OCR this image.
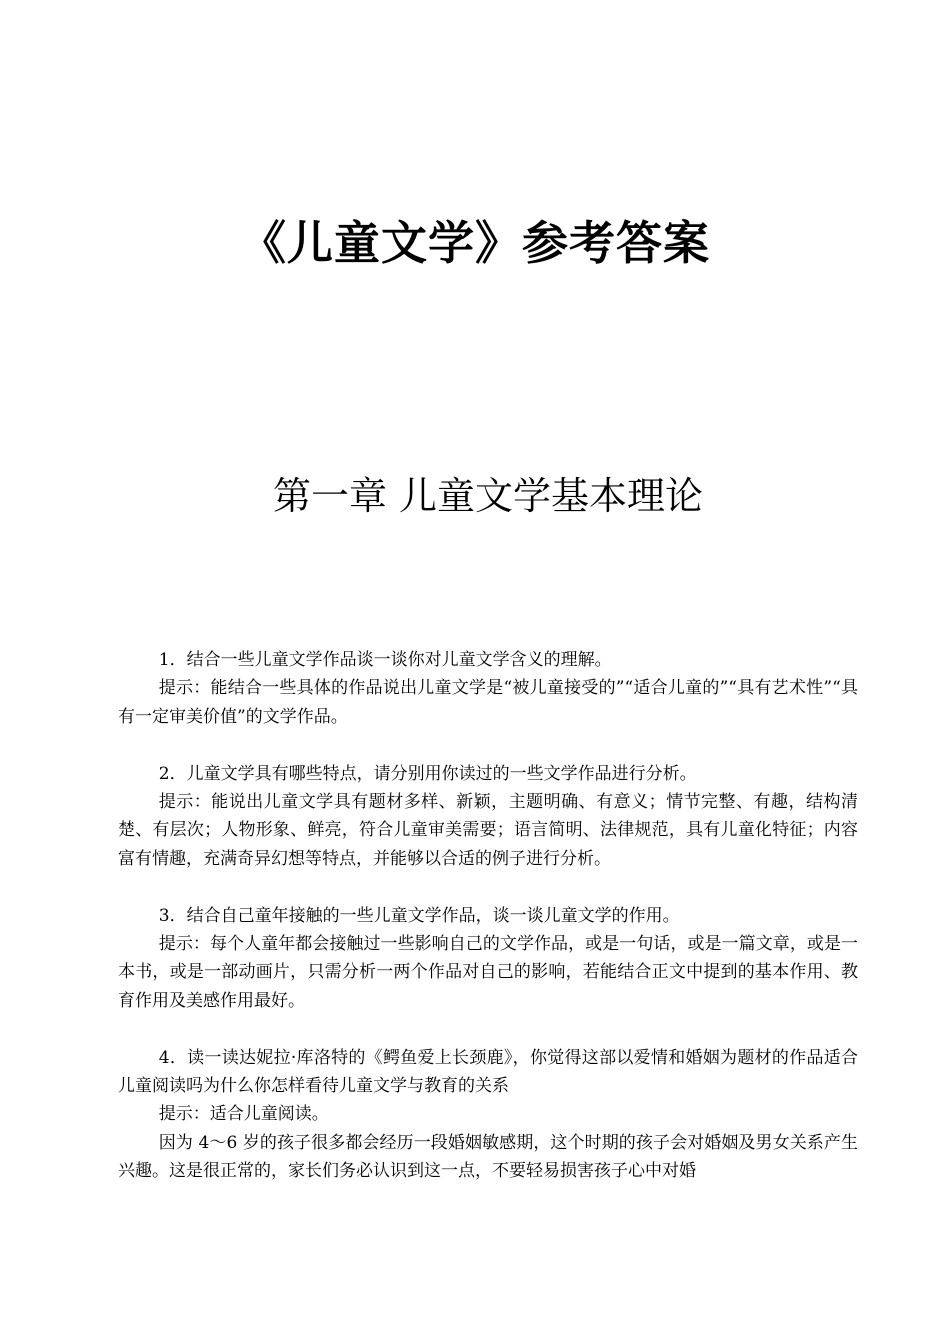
《儿童文学》参考答案
第一章 儿童文学基本理论

1．结合一些儿童文学作品谈一谈你对儿童文学含义的理解。

提示：能结合一些具体的作品说出儿童文学是“被儿童接受的”“适合儿童的”“具有艺术性”“具有一定审美价值”的文学作品。

2．儿童文学具有哪些特点，请分别用你读过的一些文学作品进行分析。

提示：能说出儿童文学具有题材多样、新颖，主题明确、有意义；情节完整、有趣，结构清楚、有层次；人物形象、鲜亮，符合儿童审美需要；语言简明、法律规范，具有儿童化特征；内容富有情趣，充满奇异幻想等特点，并能够以合适的例子进行分析。

3．结合自己童年接触的一些儿童文学作品，谈一谈儿童文学的作用。

提示：每个人童年都会接触过一些影响自己的文学作品，或是一句话，或是一篇文章，或是一本书，或是一部动画片，只需分析一两个作品对自己的影响，若能结合正文中提到的基本作用、教育作用及美感作用最好。

4．读一读达妮拉·库洛特的《鳄鱼爱上长颈鹿》，你觉得这部以爱情和婚姻为题材的作品适合儿童阅读吗为什么你怎样看待儿童文学与教育的关系

提示：适合儿童阅读。

因为 4～6 岁的孩子很多都会经历一段婚姻敏感期，这个时期的孩子会对婚姻及男女关系产生兴趣。这是很正常的，家长们务必认识到这一点，不要轻易损害孩子心中对婚
